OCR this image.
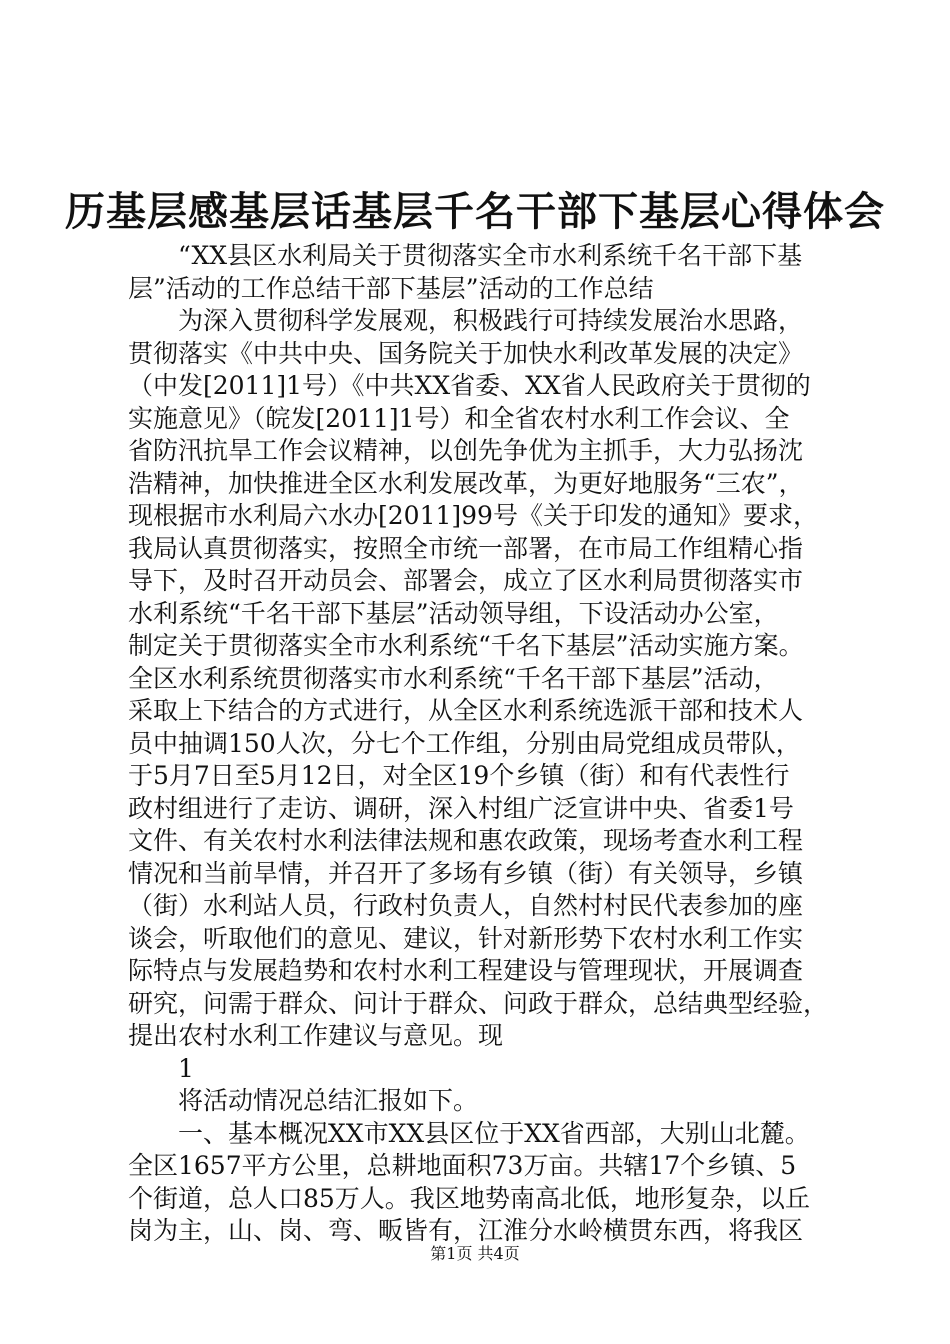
历基层感基层话基层千名干部下基层心得体会
　　“XX县区水利局关于贯彻落实全市水利系统千名干部下基
层”活动的工作总结干部下基层”活动的工作总结
　　为深入贯彻科学发展观，积极践行可持续发展治水思路，
贯彻落实《中共中央、国务院关于加快水利改革发展的决定》
（中发[2011]1号）《中共XX省委、XX省人民政府关于贯彻的
实施意见》（皖发[2011]1号）和全省农村水利工作会议、全
省防汛抗旱工作会议精神，以创先争优为主抓手，大力弘扬沈
浩精神，加快推进全区水利发展改革，为更好地服务“三农”，
现根据市水利局六水办[2011]99号《关于印发的通知》要求，
我局认真贯彻落实，按照全市统一部署，在市局工作组精心指
导下，及时召开动员会、部署会，成立了区水利局贯彻落实市
水利系统“千名干部下基层”活动领导组，下设活动办公室，
制定关于贯彻落实全市水利系统“千名下基层”活动实施方案。
全区水利系统贯彻落实市水利系统“千名干部下基层”活动，
采取上下结合的方式进行，从全区水利系统选派干部和技术人
员中抽调150人次，分七个工作组，分别由局党组成员带队，
于5月7日至5月12日，对全区19个乡镇（街）和有代表性行
政村组进行了走访、调研，深入村组广泛宣讲中央、省委1号
文件、有关农村水利法律法规和惠农政策，现场考查水利工程
情况和当前旱情，并召开了多场有乡镇（街）有关领导，乡镇
（街）水利站人员，行政村负责人，自然村村民代表参加的座
谈会，听取他们的意见、建议，针对新形势下农村水利工作实
际特点与发展趋势和农村水利工程建设与管理现状，开展调查
研究，问需于群众、问计于群众、问政于群众，总结典型经验，
提出农村水利工作建议与意见。现
　　1
　　将活动情况总结汇报如下。
　　一、基本概况XX市XX县区位于XX省西部，大别山北麓。
全区1657平方公里，总耕地面积73万亩。共辖17个乡镇、5
个街道，总人口85万人。我区地势南高北低，地形复杂，以丘
岗为主，山、岗、弯、畈皆有，江淮分水岭横贯东西，将我区
第1页 共4页
